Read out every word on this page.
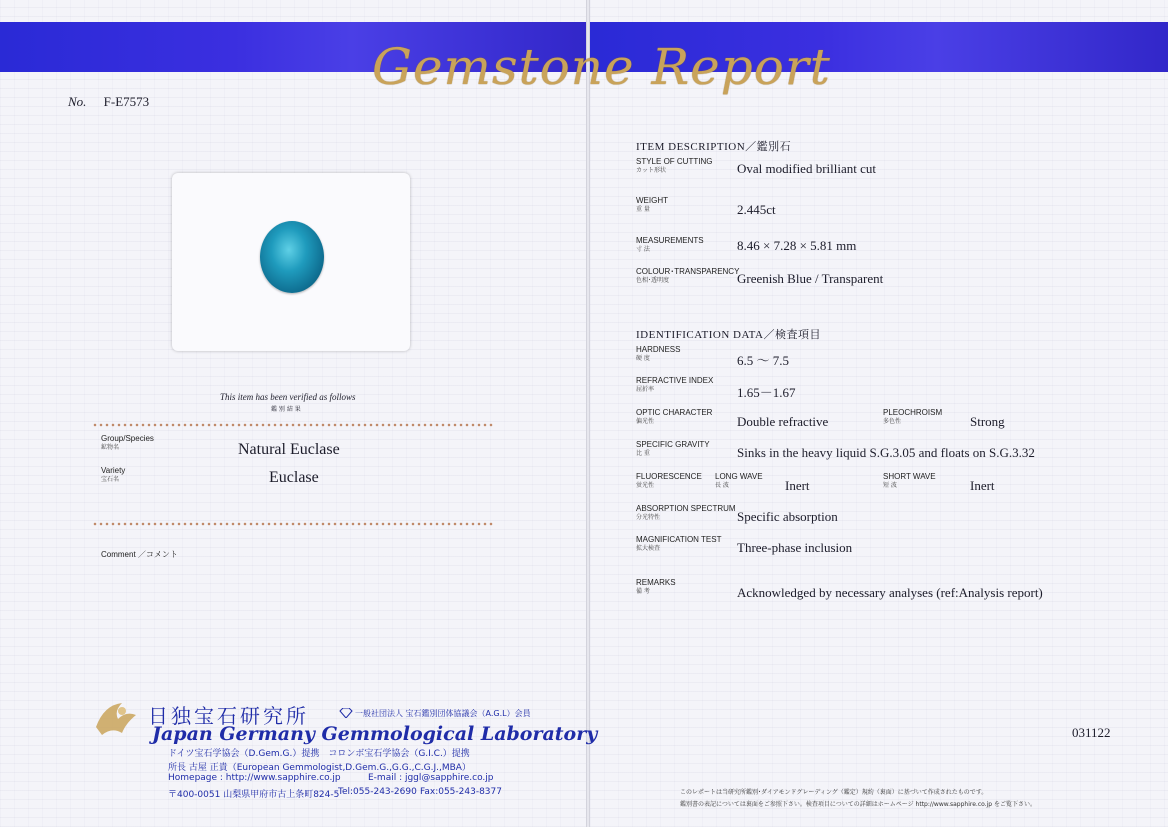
Gemstone Report
No. F-E7573
This item has been verified as follows
鑑 別 結 果
Group/Species
鉱物名	Natural Euclase
Variety
宝石名	Euclase
Comment ／コメント
日独宝石研究所	一般社団法人 宝石鑑別団体協議会（A.G.L）会員
Japan Germany Gemmological Laboratory
ドイツ宝石学協会（D.Gem.G.）提携　コロンボ宝石学協会（G.I.C.）提携
所長 古屋 正貴（European Gemmologist,D.Gem.G.,G.G.,C.G.J.,MBA）
Homepage : http://www.sapphire.co.jp	E-mail : jggl@sapphire.co.jp
〒400-0051 山梨県甲府市古上条町824-5
Tel:055-243-2690 Fax:055-243-8377
ITEM DESCRIPTION／鑑別石
STYLE OF CUTTING
カット形状	Oval modified brilliant cut
WEIGHT
重 量	2.445ct
MEASUREMENTS
寸 法	8.46 × 7.28 × 5.81 mm
COLOUR･TRANSPARENCY
色相･透明度	Greenish Blue / Transparent
IDENTIFICATION DATA／検査項目
HARDNESS
硬 度	6.5 ～ 7.5
REFRACTIVE INDEX
屈折率	1.65－1.67
OPTIC CHARACTER
偏光性	Double refractive
PLEOCHROISM
多色性	Strong
SPECIFIC GRAVITY
比 重	Sinks in the heavy liquid S.G.3.05 and floats on S.G.3.32
FLUORESCENCE
蛍光性
LONG WAVE
長 波	Inert
SHORT WAVE
短 波	Inert
ABSORPTION SPECTRUM
分光特性	Specific absorption
MAGNIFICATION TEST
拡大検査	Three-phase inclusion
REMARKS
備 考	Acknowledged by necessary analyses (ref:Analysis report)
031122
このレポートは当研究所鑑別･ダイアモンドグレーディング（鑑定）規約（裏面）に基づいて作成されたものです。
鑑別書の表記については裏面をご参照下さい。検査項目についての詳細はホームページ http://www.sapphire.co.jp をご覧下さい。
